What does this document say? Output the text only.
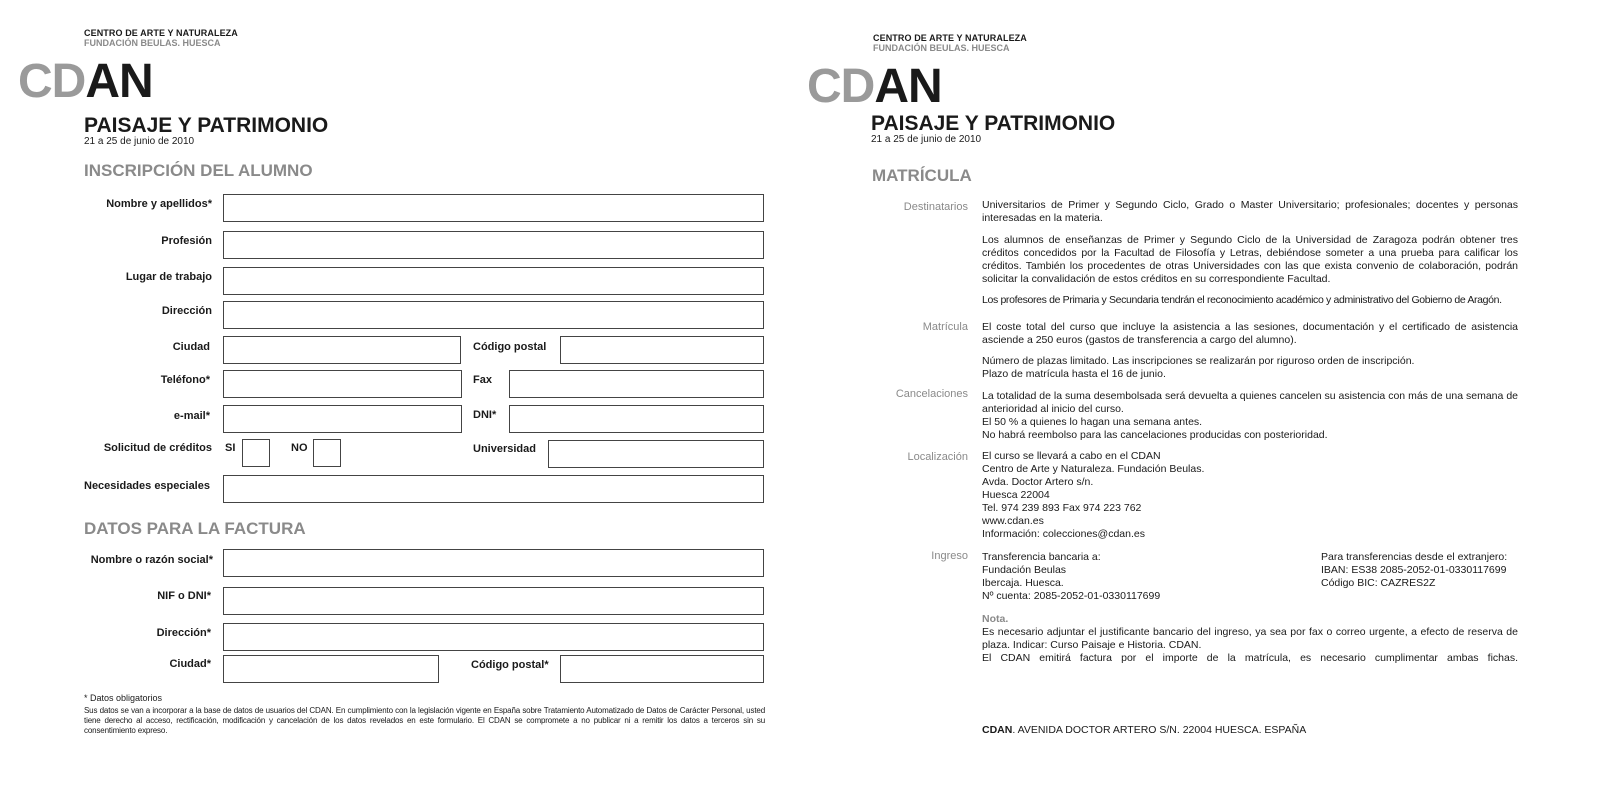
CENTRO DE ARTE Y NATURALEZA
FUNDACIÓN BEULAS. HUESCA
CDAN
PAISAJE Y PATRIMONIO
21 a 25 de junio de 2010
INSCRIPCIÓN DEL ALUMNO
Nombre y apellidos*
Profesión
Lugar de trabajo
Dirección
Ciudad	Código postal
Teléfono*	Fax
e-mail*	DNI*
Solicitud de créditos SI	NO	Universidad
Necesidades especiales
DATOS PARA LA FACTURA
Nombre o razón social*
NIF o DNI*
Dirección*
Ciudad*	Código postal*
* Datos obligatorios
Sus datos se van a incorporar a la base de datos de usuarios del CDAN. En cumplimiento con la legislación vigente en España sobre Tratamiento Automatizado de Datos de Carácter Personal, usted tiene derecho al acceso, rectificación, modificación y cancelación de los datos revelados en este formulario. El CDAN se compromete a no publicar ni a remitir los datos a terceros sin su consentimiento expreso.
CENTRO DE ARTE Y NATURALEZA
FUNDACIÓN BEULAS. HUESCA
CDAN
PAISAJE Y PATRIMONIO
21 a 25 de junio de 2010
MATRÍCULA
Destinatarios Universitarios de Primer y Segundo Ciclo, Grado o Master Universitario; profesionales; docentes y personas interesadas en la materia.
Los alumnos de enseñanzas de Primer y Segundo Ciclo de la Universidad de Zaragoza podrán obtener tres créditos concedidos por la Facultad de Filosofía y Letras, debiéndose someter a una prueba para calificar los créditos. También los procedentes de otras Universidades con las que exista convenio de colaboración, podrán solicitar la convalidación de estos créditos en su correspondiente Facultad.
Los profesores de Primaria y Secundaria tendrán el reconocimiento académico y administrativo del Gobierno de Aragón.
Matrícula El coste total del curso que incluye la asistencia a las sesiones, documentación y el certificado de asistencia asciende a 250 euros (gastos de transferencia a cargo del alumno).
Número de plazas limitado. Las inscripciones se realizarán por riguroso orden de inscripción.
Plazo de matrícula hasta el 16 de junio.
Cancelaciones La totalidad de la suma desembolsada será devuelta a quienes cancelen su asistencia con más de una semana de anterioridad al inicio del curso.
El 50 % a quienes lo hagan una semana antes.
No habrá reembolso para las cancelaciones producidas con posterioridad.
Localización El curso se llevará a cabo en el CDAN

Centro de Arte y Naturaleza. Fundación Beulas.

Avda. Doctor Artero s/n.

Huesca 22004

Tel. 974 239 893 Fax 974 223 762

www.cdan.es

Información: colecciones@cdan.es

Ingreso Transferencia bancaria a:
Fundación Beulas
Ibercaja. Huesca.
Nº cuenta: 2085-2052-01-0330117699
Para transferencias desde el extranjero:
IBAN: ES38 2085-2052-01-0330117699
Código BIC: CAZRES2Z
Nota.
Es necesario adjuntar el justificante bancario del ingreso, ya sea por fax o correo urgente, a efecto de reserva de plaza. Indicar: Curso Paisaje e Historia. CDAN.
El CDAN emitirá factura por el importe de la matrícula, es necesario cumplimentar ambas fichas.
CDAN. AVENIDA DOCTOR ARTERO S/N. 22004 HUESCA. ESPAÑA
